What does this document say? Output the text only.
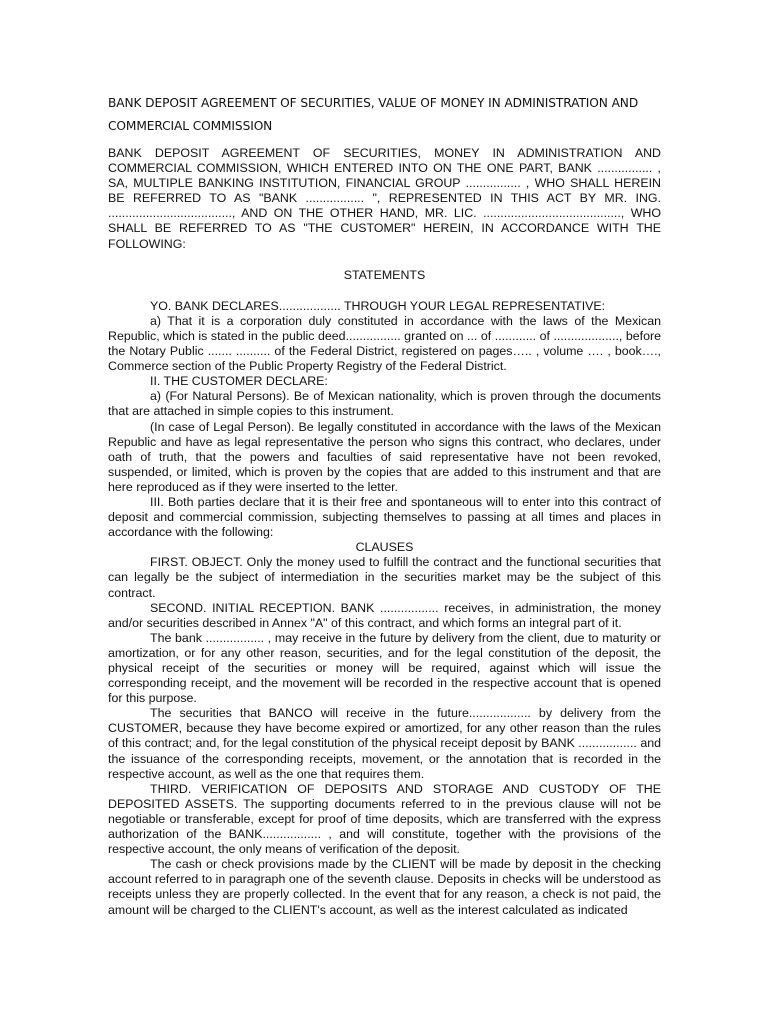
BANK DEPOSIT AGREEMENT OF SECURITIES, VALUE OF MONEY IN ADMINISTRATION AND
COMMERCIAL COMMISSION

BANK DEPOSIT AGREEMENT OF SECURITIES, MONEY IN ADMINISTRATION AND COMMERCIAL COMMISSION, WHICH ENTERED INTO ON THE ONE PART, BANK ................ , SA, MULTIPLE BANKING INSTITUTION, FINANCIAL GROUP ................ , WHO SHALL HEREIN BE REFERRED TO AS "BANK ................. ", REPRESENTED IN THIS ACT BY MR. ING. ...................................., AND ON THE OTHER HAND, MR. LIC. ........................................, WHO SHALL BE REFERRED TO AS "THE CUSTOMER" HEREIN, IN ACCORDANCE WITH THE FOLLOWING:

STATEMENTS

YO. BANK DECLARES.................. THROUGH YOUR LEGAL REPRESENTATIVE:

a) That it is a corporation duly constituted in accordance with the laws of the Mexican Republic, which is stated in the public deed................ granted on ... of ............ of ..................., before the Notary Public ....... .......... of the Federal District, registered on pages….. , volume …. , book…., Commerce section of the Public Property Registry of the Federal District.

II. THE CUSTOMER DECLARE:

a) (For Natural Persons). Be of Mexican nationality, which is proven through the documents that are attached in simple copies to this instrument.

(In case of Legal Person). Be legally constituted in accordance with the laws of the Mexican Republic and have as legal representative the person who signs this contract, who declares, under oath of truth, that the powers and faculties of said representative have not been revoked, suspended, or limited, which is proven by the copies that are added to this instrument and that are here reproduced as if they were inserted to the letter.

III. Both parties declare that it is their free and spontaneous will to enter into this contract of deposit and commercial commission, subjecting themselves to passing at all times and places in accordance with the following:

CLAUSES

FIRST. OBJECT. Only the money used to fulfill the contract and the functional securities that can legally be the subject of intermediation in the securities market may be the subject of this contract.

SECOND. INITIAL RECEPTION. BANK ................. receives, in administration, the money and/or securities described in Annex "A" of this contract, and which forms an integral part of it.

The bank ................. , may receive in the future by delivery from the client, due to maturity or amortization, or for any other reason, securities, and for the legal constitution of the deposit, the physical receipt of the securities or money will be required, against which will issue the corresponding receipt, and the movement will be recorded in the respective account that is opened for this purpose.

The securities that BANCO will receive in the future.................. by delivery from the CUSTOMER, because they have become expired or amortized, for any other reason than the rules of this contract; and, for the legal constitution of the physical receipt deposit by BANK ................. and the issuance of the corresponding receipts, movement, or the annotation that is recorded in the respective account, as well as the one that requires them.

THIRD. VERIFICATION OF DEPOSITS AND STORAGE AND CUSTODY OF THE DEPOSITED ASSETS. The supporting documents referred to in the previous clause will not be negotiable or transferable, except for proof of time deposits, which are transferred with the express authorization of the BANK................. , and will constitute, together with the provisions of the respective account, the only means of verification of the deposit.

The cash or check provisions made by the CLIENT will be made by deposit in the checking account referred to in paragraph one of the seventh clause. Deposits in checks will be understood as receipts unless they are properly collected. In the event that for any reason, a check is not paid, the amount will be charged to the CLIENT's account, as well as the interest calculated as indicated
